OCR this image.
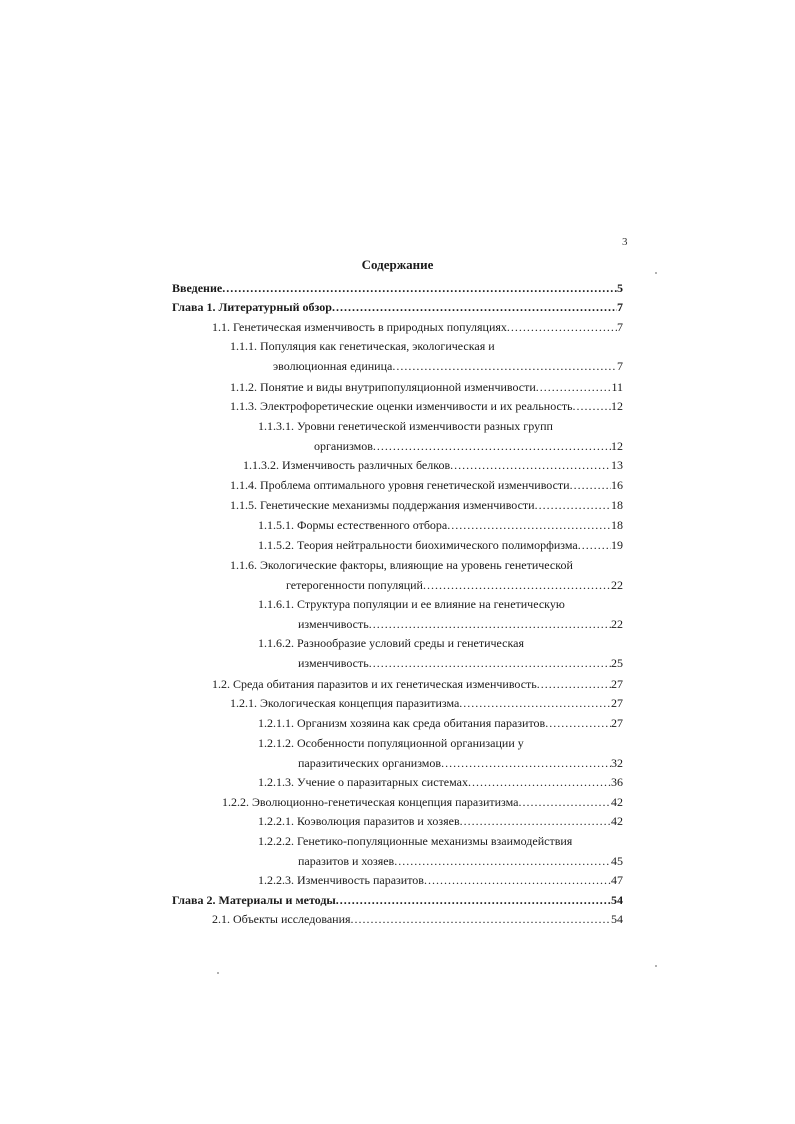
3
Содержание
Введение .....	5
Глава 1. Литературный обзор .....	7
1.1. Генетическая изменчивость в природных популяциях .....	7
1.1.1. Популяция как генетическая, экологическая и
эволюционная единица .....	7
1.1.2. Понятие и виды внутрипопуляционной изменчивости .....	11
1.1.3. Электрофоретические оценки изменчивости и их реальность .....	12
1.1.3.1. Уровни генетической изменчивости разных групп
организмов .....	12
1.1.3.2. Изменчивость различных белков .....	13
1.1.4. Проблема оптимального уровня генетической изменчивости .....	16
1.1.5. Генетические механизмы поддержания изменчивости .....	18
1.1.5.1. Формы естественного отбора .....	18
1.1.5.2. Теория нейтральности биохимического полиморфизма .....	19
1.1.6. Экологические факторы, влияющие на уровень генетической
гетерогенности популяций .....	22
1.1.6.1. Структура популяции и ее влияние на генетическую
изменчивость .....	22
1.1.6.2. Разнообразие условий среды и генетическая
изменчивость .....	25
1.2. Среда обитания паразитов и их генетическая изменчивость .....	27
1.2.1. Экологическая концепция паразитизма .....	27
1.2.1.1. Организм хозяина как среда обитания паразитов .....	27
1.2.1.2. Особенности популяционной организации у
паразитических организмов .....	32
1.2.1.3. Учение о паразитарных системах .....	36
1.2.2. Эволюционно-генетическая концепция паразитизма .....	42
1.2.2.1. Коэволюция паразитов и хозяев .....	42
1.2.2.2. Генетико-популяционные механизмы взаимодействия
паразитов и хозяев .....	45
1.2.2.3. Изменчивость паразитов .....	47
Глава 2. Материалы и методы .....	54
2.1. Объекты исследования .....	54
